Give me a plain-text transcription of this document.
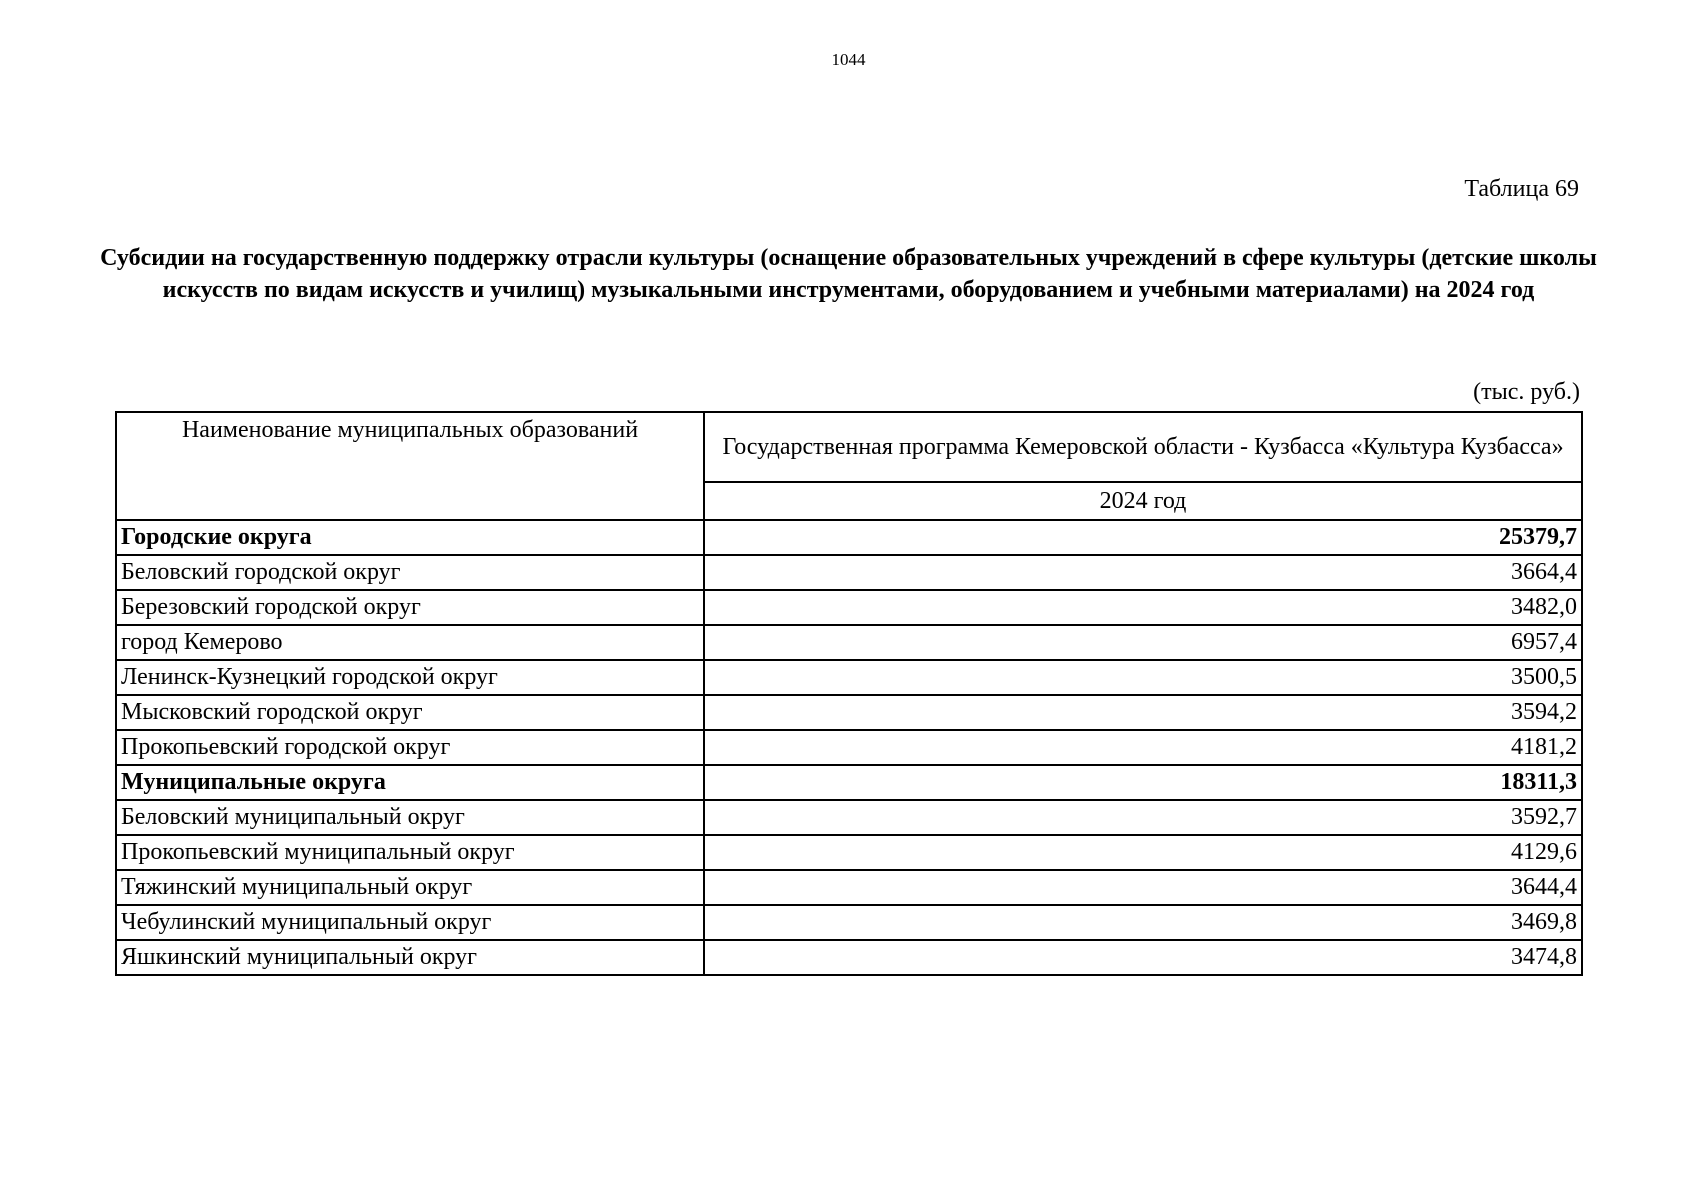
1044
Таблица 69
Субсидии на государственную поддержку отрасли культуры (оснащение образовательных учреждений в сфере культуры (детские школы искусств по видам искусств и училищ) музыкальными инструментами, оборудованием и учебными материалами) на 2024 год
(тыс. руб.)
Наименование муниципальных образований	Государственная программа Кемеровской области - Кузбасса «Культура Кузбасса»
	2024 год
Городские округа	25379,7
Беловский городской округ	3664,4
Березовский городской округ	3482,0
город Кемерово	6957,4
Ленинск-Кузнецкий городской округ	3500,5
Мысковский городской округ	3594,2
Прокопьевский городской округ	4181,2
Муниципальные округа	18311,3
Беловский муниципальный округ	3592,7
Прокопьевский муниципальный округ	4129,6
Тяжинский муниципальный округ	3644,4
Чебулинский муниципальный округ	3469,8
Яшкинский муниципальный округ	3474,8
